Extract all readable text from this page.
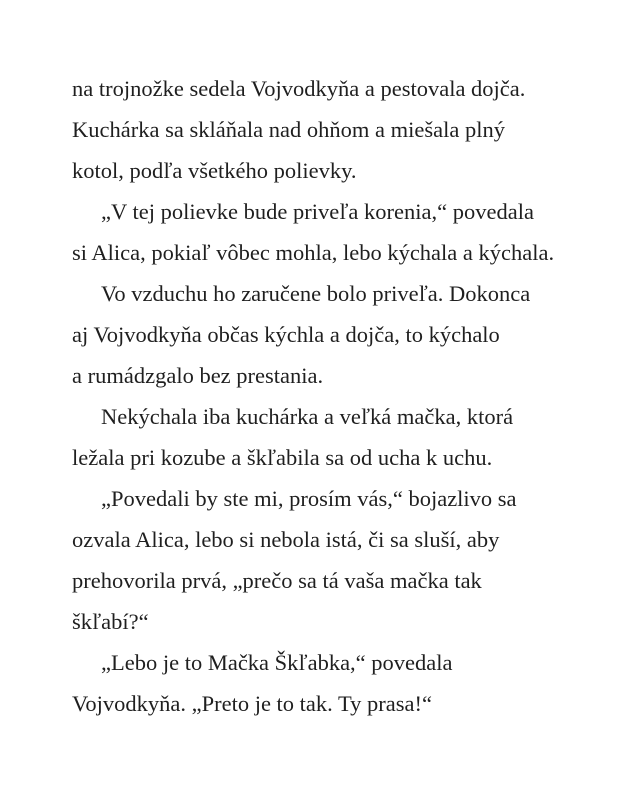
na trojnožke sedela Vojvodkyňa a pestovala dojča.
Kuchárka sa skláňala nad ohňom a miešala plný
kotol, podľa všetkého polievky.
„V tej polievke bude priveľa korenia,“ povedala
si Alica, pokiaľ vôbec mohla, lebo kýchala a kýchala.
Vo vzduchu ho zaručene bolo priveľa. Dokonca
aj Vojvodkyňa občas kýchla a dojča, to kýchalo
a rumádzgalo bez prestania.
Nekýchala iba kuchárka a veľká mačka, ktorá
ležala pri kozube a škľabila sa od ucha k uchu.
„Povedali by ste mi, prosím vás,“ bojazlivo sa
ozvala Alica, lebo si nebola istá, či sa sluší, aby
prehovorila prvá, „prečo sa tá vaša mačka tak
škľabí?“
„Lebo je to Mačka Škľabka,“ povedala
Vojvodkyňa. „Preto je to tak. Ty prasa!“
